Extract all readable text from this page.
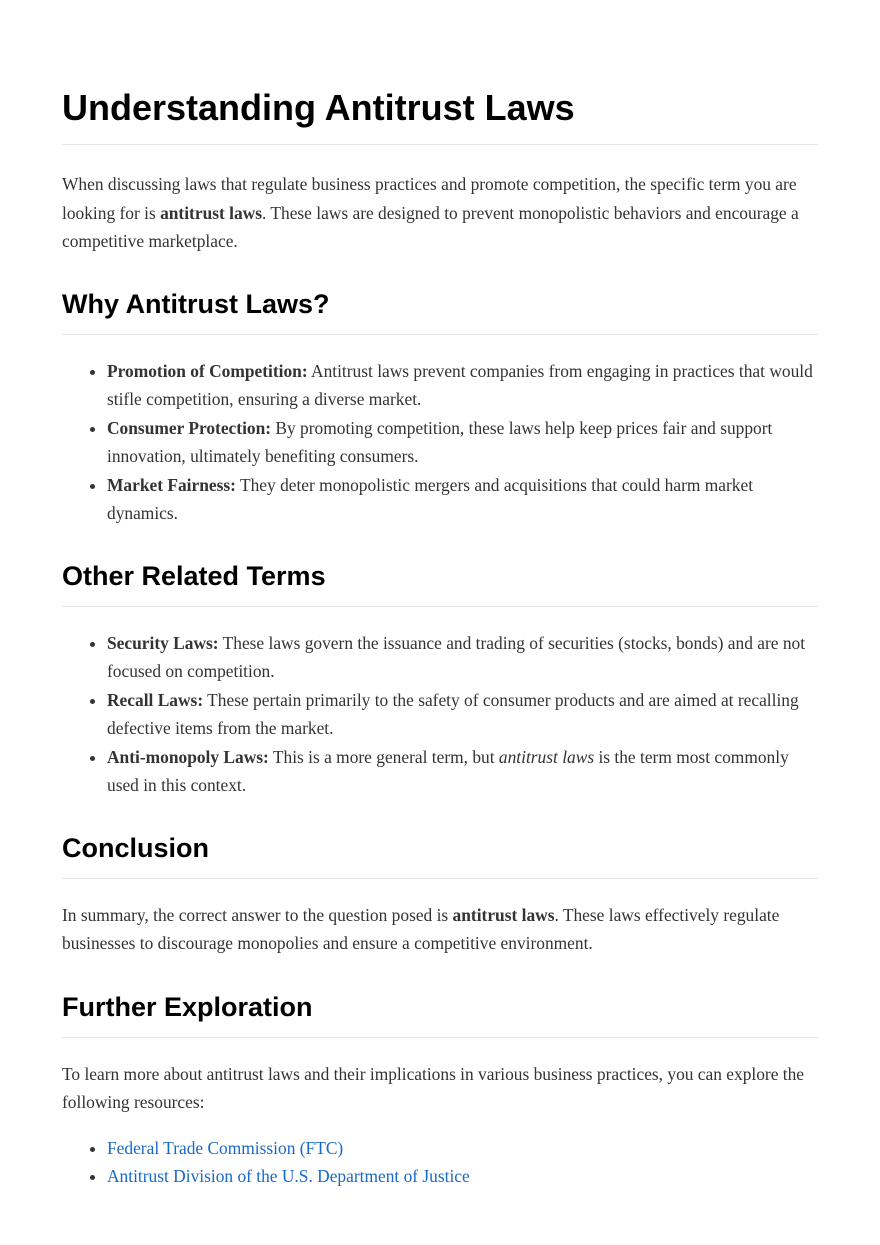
Understanding Antitrust Laws

When discussing laws that regulate business practices and promote competition, the specific term you are looking for is antitrust laws. These laws are designed to prevent monopolistic behaviors and encourage a competitive marketplace.

Why Antitrust Laws?
• Promotion of Competition: Antitrust laws prevent companies from engaging in practices that would stifle competition, ensuring a diverse market.
• Consumer Protection: By promoting competition, these laws help keep prices fair and support innovation, ultimately benefiting consumers.
• Market Fairness: They deter monopolistic mergers and acquisitions that could harm market dynamics.
Other Related Terms
• Security Laws: These laws govern the issuance and trading of securities (stocks, bonds) and are not focused on competition.
• Recall Laws: These pertain primarily to the safety of consumer products and are aimed at recalling defective items from the market.
• Anti-monopoly Laws: This is a more general term, but antitrust laws is the term most commonly used in this context.
Conclusion

In summary, the correct answer to the question posed is antitrust laws. These laws effectively regulate businesses to discourage monopolies and ensure a competitive environment.

Further Exploration

To learn more about antitrust laws and their implications in various business practices, you can explore the following resources:

• Federal Trade Commission (FTC)
• Antitrust Division of the U.S. Department of Justice
